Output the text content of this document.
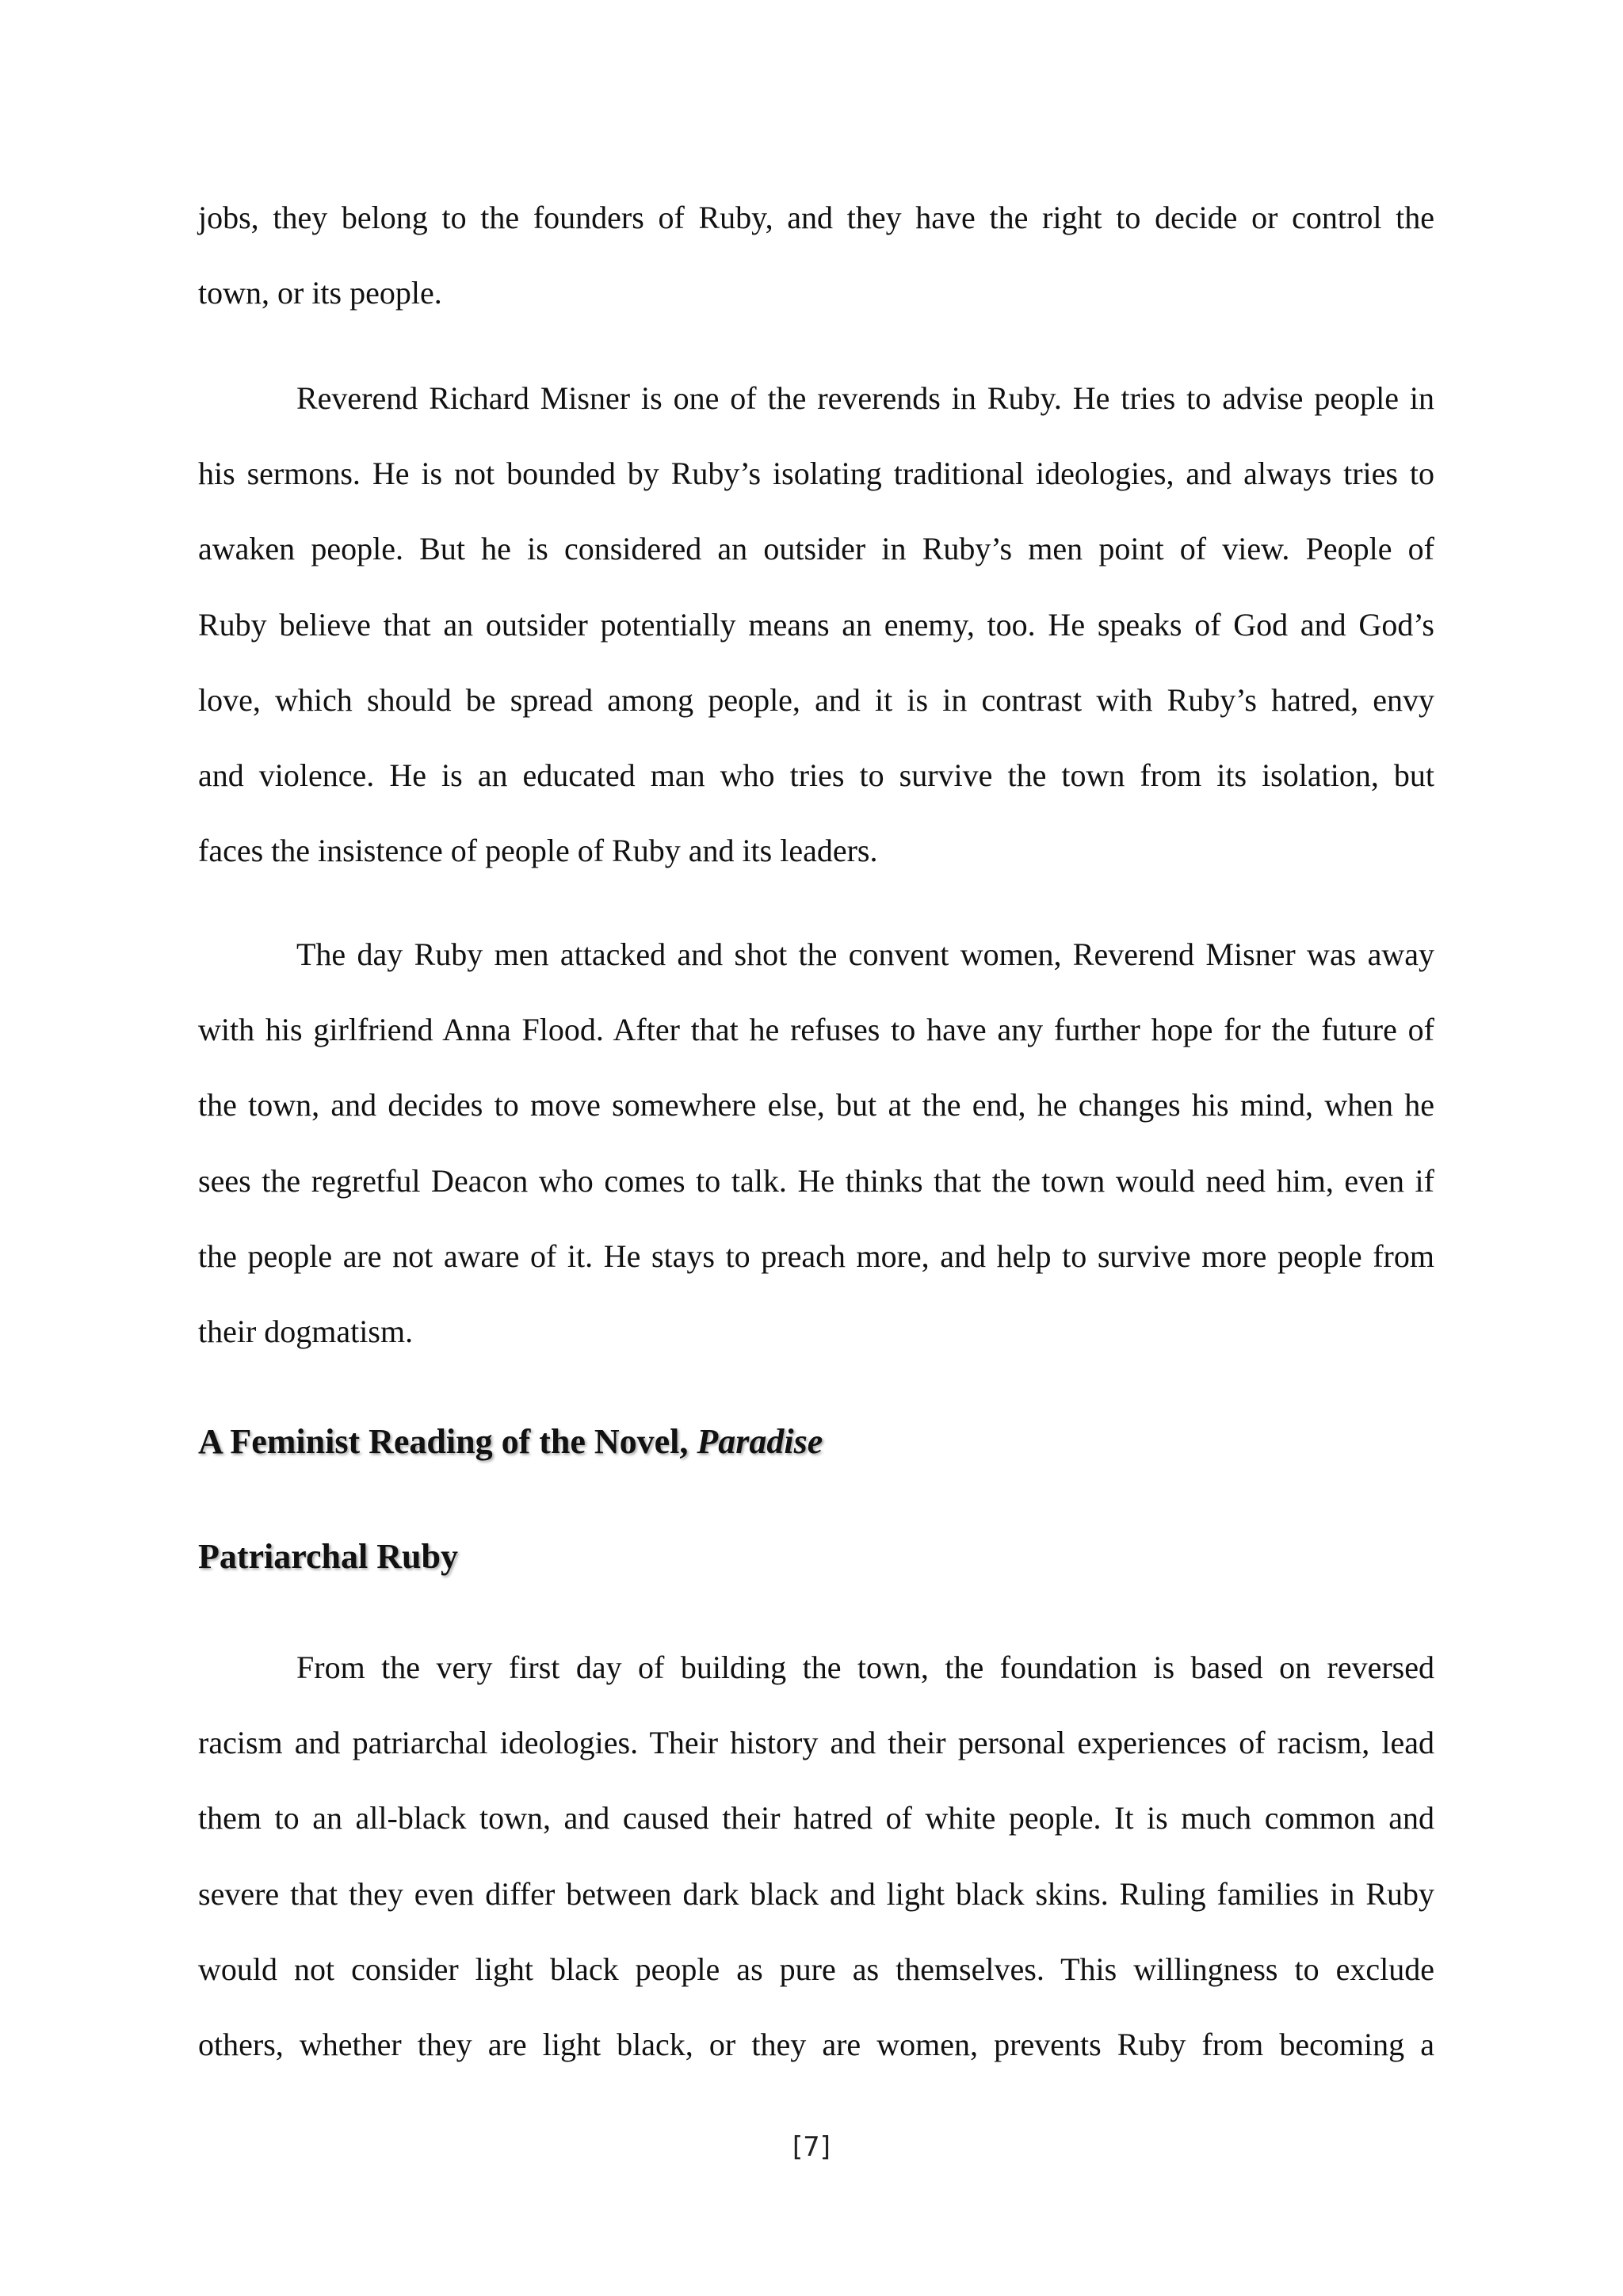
jobs, they belong to the founders of Ruby, and they have the right to decide or control the
town, or its people.
Reverend Richard Misner is one of the reverends in Ruby. He tries to advise people in
his sermons. He is not bounded by Ruby’s isolating traditional ideologies, and always tries to
awaken people. But he is considered an outsider in Ruby’s men point of view. People of
Ruby believe that an outsider potentially means an enemy, too. He speaks of God and God’s
love, which should be spread among people, and it is in contrast with Ruby’s hatred, envy
and violence. He is an educated man who tries to survive the town from its isolation, but
faces the insistence of people of Ruby and its leaders.
The day Ruby men attacked and shot the convent women, Reverend Misner was away
with his girlfriend Anna Flood. After that he refuses to have any further hope for the future of
the town, and decides to move somewhere else, but at the end, he changes his mind, when he
sees the regretful Deacon who comes to talk. He thinks that the town would need him, even if
the people are not aware of it. He stays to preach more, and help to survive more people from
their dogmatism.
A Feminist Reading of the Novel, Paradise
Patriarchal Ruby
From the very first day of building the town, the foundation is based on reversed
racism and patriarchal ideologies. Their history and their personal experiences of racism, lead
them to an all-black town, and caused their hatred of white people. It is much common and
severe that they even differ between dark black and light black skins. Ruling families in Ruby
would not consider light black people as pure as themselves. This willingness to exclude
others, whether they are light black, or they are women, prevents Ruby from becoming a
[7]
